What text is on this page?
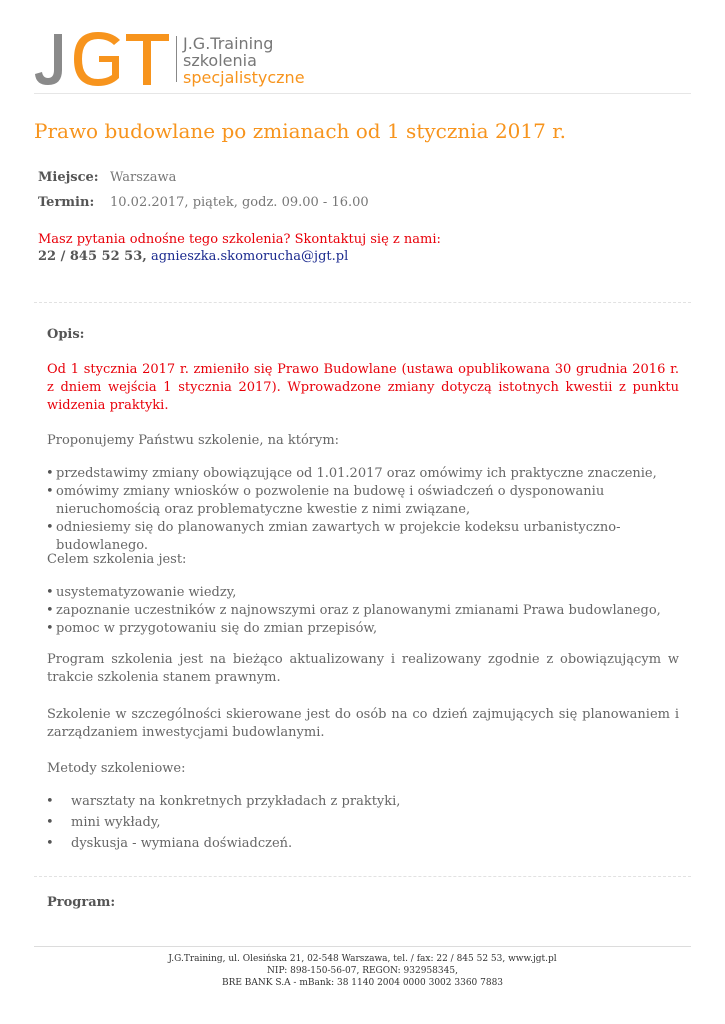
J.G.Training
szkolenia
specjalistyczne
Prawo budowlane po zmianach od 1 stycznia 2017 r.
Miejsce: Warszawa
Termin: 10.02.2017, piątek, godz. 09.00 - 16.00
Masz pytania odnośne tego szkolenia? Skontaktuj się z nami:
22 / 845 52 53, agnieszka.skomorucha@jgt.pl
Opis:
Od 1 stycznia 2017 r. zmieniło się Prawo Budowlane (ustawa opublikowana 30 grudnia 2016 r. z dniem wejścia 1 stycznia 2017). Wprowadzone zmiany dotyczą istotnych kwestii z punktu widzenia praktyki.
Proponujemy Państwu szkolenie, na którym:
• przedstawimy zmiany obowiązujące od 1.01.2017 oraz omówimy ich praktyczne znaczenie,
• omówimy zmiany wniosków o pozwolenie na budowę i oświadczeń o dysponowaniu nieruchomością oraz problematyczne kwestie z nimi związane,
• odniesiemy się do planowanych zmian zawartych w projekcie kodeksu urbanistyczno-budowlanego.
Celem szkolenia jest:
• usystematyzowanie wiedzy,
• zapoznanie uczestników z najnowszymi oraz z planowanymi zmianami Prawa budowlanego,
• pomoc w przygotowaniu się do zmian przepisów,
Program szkolenia jest na bieżąco aktualizowany i realizowany zgodnie z obowiązującym w trakcie szkolenia stanem prawnym.
Szkolenie w szczególności skierowane jest do osób na co dzień zajmujących się planowaniem i zarządzaniem inwestycjami budowlanymi.
Metody szkoleniowe:
• warsztaty na konkretnych przykładach z praktyki,
• mini wykłady,
• dyskusja - wymiana doświadczeń.
Program:
J.G.Training, ul. Olesińska 21, 02-548 Warszawa, tel. / fax: 22 / 845 52 53, www.jgt.pl
NIP: 898-150-56-07, REGON: 932958345,
BRE BANK S.A - mBank: 38 1140 2004 0000 3002 3360 7883
